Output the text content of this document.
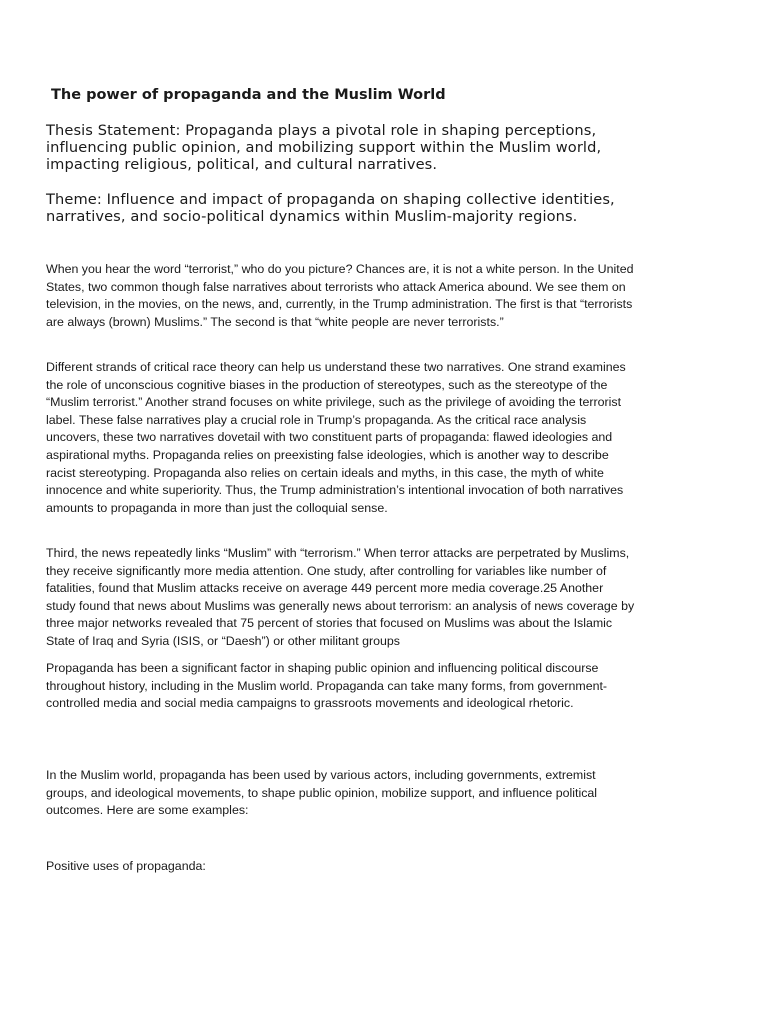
The power of propaganda and the Muslim World

Thesis Statement: Propaganda plays a pivotal role in shaping perceptions, influencing public opinion, and mobilizing support within the Muslim world, impacting religious, political, and cultural narratives.

Theme: Influence and impact of propaganda on shaping collective identities, narratives, and socio-political dynamics within Muslim-majority regions.

When you hear the word “terrorist,” who do you picture? Chances are, it is not a white person. In the United States, two common though false narratives about terrorists who attack America abound. We see them on television, in the movies, on the news, and, currently, in the Trump administration. The first is that “terrorists are always (brown) Muslims.” The second is that “white people are never terrorists.”

Different strands of critical race theory can help us understand these two narratives. One strand examines the role of unconscious cognitive biases in the production of stereotypes, such as the stereotype of the “Muslim terrorist.” Another strand focuses on white privilege, such as the privilege of avoiding the terrorist label. These false narratives play a crucial role in Trump’s propaganda. As the critical race analysis uncovers, these two narratives dovetail with two constituent parts of propaganda: flawed ideologies and aspirational myths. Propaganda relies on preexisting false ideologies, which is another way to describe racist stereotyping. Propaganda also relies on certain ideals and myths, in this case, the myth of white innocence and white superiority. Thus, the Trump administration’s intentional invocation of both narratives amounts to propaganda in more than just the colloquial sense.

Third, the news repeatedly links “Muslim” with “terrorism.” When terror attacks are perpetrated by Muslims, they receive significantly more media attention. One study, after controlling for variables like number of fatalities, found that Muslim attacks receive on average 449 percent more media coverage.25 Another study found that news about Muslims was generally news about terrorism: an analysis of news coverage by three major networks revealed that 75 percent of stories that focused on Muslims was about the Islamic State of Iraq and Syria (ISIS, or “Daesh”) or other militant groups

Propaganda has been a significant factor in shaping public opinion and influencing political discourse throughout history, including in the Muslim world. Propaganda can take many forms, from government-controlled media and social media campaigns to grassroots movements and ideological rhetoric.

In the Muslim world, propaganda has been used by various actors, including governments, extremist groups, and ideological movements, to shape public opinion, mobilize support, and influence political outcomes. Here are some examples:

Positive uses of propaganda:
